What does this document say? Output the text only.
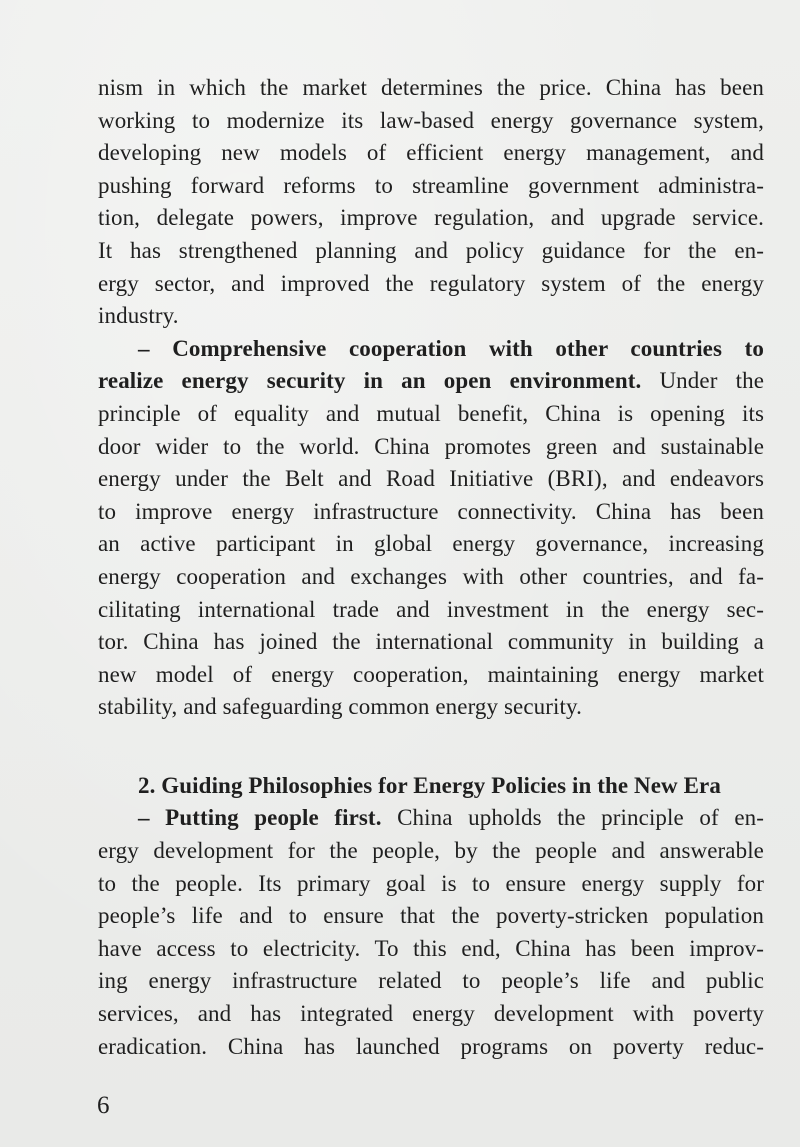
nism in which the market determines the price. China has been
working to modernize its law-based energy governance system,
developing new models of efficient energy management, and
pushing forward reforms to streamline government administra-
tion, delegate powers, improve regulation, and upgrade service.
It has strengthened planning and policy guidance for the en-
ergy sector, and improved the regulatory system of the energy
industry.
– Comprehensive cooperation with other countries to
realize energy security in an open environment. Under the
principle of equality and mutual benefit, China is opening its
door wider to the world. China promotes green and sustainable
energy under the Belt and Road Initiative (BRI), and endeavors
to improve energy infrastructure connectivity. China has been
an active participant in global energy governance, increasing
energy cooperation and exchanges with other countries, and fa-
cilitating international trade and investment in the energy sec-
tor. China has joined the international community in building a
new model of energy cooperation, maintaining energy market
stability, and safeguarding common energy security.
2. Guiding Philosophies for Energy Policies in the New Era
– Putting people first. China upholds the principle of en-
ergy development for the people, by the people and answerable
to the people. Its primary goal is to ensure energy supply for
people’s life and to ensure that the poverty-stricken population
have access to electricity. To this end, China has been improv-
ing energy infrastructure related to people’s life and public
services, and has integrated energy development with poverty
eradication. China has launched programs on poverty reduc-
6
